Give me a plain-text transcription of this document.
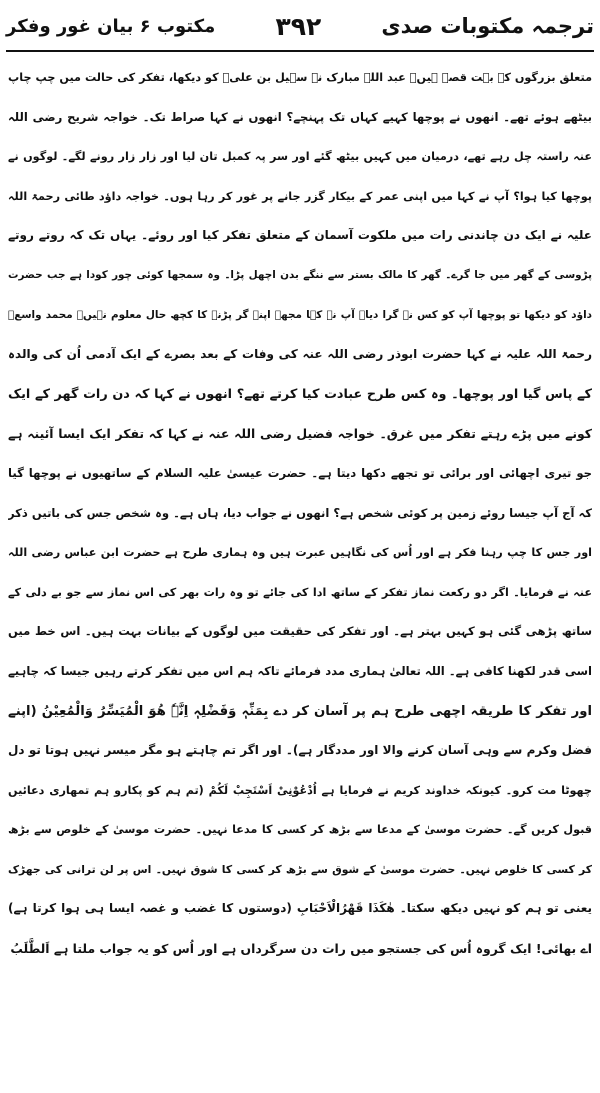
ترجمہ مکتوبات صدی
۳۹۲
مکتوب ۶ بیان غور وفکر
متعلق بزرگوں کے بہت قصے ہیں۔ عبد اللہ مبارک نے سہیل بن علیؒ کو دیکھا، تفکر کی حالت میں چپ چاپ
بیٹھے ہوئے تھے۔ انھوں نے پوچھا کہیے کہاں تک پہنچے؟ انھوں نے کہا صراط تک۔ خواجہ شریح رضی اللہ
عنہ راستہ چل رہے تھے، درمیان میں کہیں بیٹھ گئے اور سر پہ کمبل تان لیا اور زار زار رونے لگے۔ لوگوں نے
پوچھا کیا ہوا؟ آپ نے کہا میں اپنی عمر کے بیکار گزر جانے پر غور کر رہا ہوں۔ خواجہ داؤد طائی رحمۃ اللہ
علیہ نے ایک دن چاندنی رات میں ملکوت آسمان کے متعلق تفکر کیا اور روئے۔ یہاں تک کہ روتے روتے
پڑوسی کے گھر میں جا گرے۔ گھر کا مالک بستر سے ننگے بدن اچھل پڑا۔ وہ سمجھا کوئی چور کودا ہے جب حضرت
داؤد کو دیکھا تو پوچھا آپ کو کس نے گرا دیا۔ آپ نے کہا مجھے اپنے گر پڑنے کا کچھ حال معلوم نہیں۔ محمد واسعؒ
رحمۃ اللہ علیہ نے کہا حضرت ابوذر رضی اللہ عنہ کی وفات کے بعد بصرے کے ایک آدمی اُن کی والدہ
کے پاس گیا اور پوچھا۔ وہ کس طرح عبادت کیا کرتے تھے؟ انھوں نے کہا کہ دن رات گھر کے ایک
کونے میں پڑے رہتے تفکر میں غرق۔ خواجہ فضیل رضی اللہ عنہ نے کہا کہ تفکر ایک ایسا آئینہ ہے
جو تیری اچھائی اور برائی تو تجھے دکھا دیتا ہے۔ حضرت عیسیٰ علیہ السلام کے ساتھیوں نے پوچھا گیا
کہ آج آپ جیسا روئے زمین پر کوئی شخص ہے؟ انھوں نے جواب دیا، ہاں ہے۔ وہ شخص جس کی باتیں ذکر
اور جس کا چپ رہنا فکر ہے اور اُس کی نگاہیں عبرت ہیں وہ ہماری طرح ہے حضرت ابن عباس رضی اللہ
عنہ نے فرمایا۔ اگر دو رکعت نماز تفکر کے ساتھ ادا کی جائے تو وہ رات بھر کی اس نماز سے جو بے دلی کے
ساتھ پڑھی گئی ہو کہیں بہتر ہے۔ اور تفکر کی حقیقت میں لوگوں کے بیانات بہت ہیں۔ اس خط میں
اسی قدر لکھنا کافی ہے۔ اللہ تعالیٰ ہماری مدد فرمائے تاکہ ہم اس میں تفکر کرتے رہیں جیسا کہ چاہیے
اور تفکر کا طریقہ اچھی طرح ہم پر آسان کر دے بِمَنِّہٖ وَفَضْلِہٖ اِنَّہٗ ھُوَ الْمُیَسِّرُ وَالْمُعِیْنُ (اپنے
فضل وکرم سے وہی آسان کرنے والا اور مددگار ہے)۔ اور اگر تم چاہتے ہو مگر میسر نہیں ہوتا تو دل
چھوٹا مت کرو۔ کیونکہ خداوند کریم نے فرمایا ہے اُدْعُوْنِیْ اَسْتَجِبْ لَکُمْ (تم ہم کو پکارو ہم تمھاری دعائیں
قبول کریں گے۔ حضرت موسیٰ کے مدعا سے بڑھ کر کسی کا مدعا نہیں۔ حضرت موسیٰ کے خلوص سے بڑھ
کر کسی کا خلوص نہیں۔ حضرت موسیٰ کے شوق سے بڑھ کر کسی کا شوق نہیں۔ اس پر لن ترانی کی جھڑک
یعنی تو ہم کو نہیں دیکھ سکتا۔ ھٰکَذَا قَھْرُالْاَحْبَابِ (دوستوں کا غضب و غصہ ایسا ہی ہوا کرتا ہے)
اے بھائی! ایک گروہ اُس کی جستجو میں رات دن سرگرداں ہے اور اُس کو یہ جواب ملتا ہے اَلطَّلَبُ
